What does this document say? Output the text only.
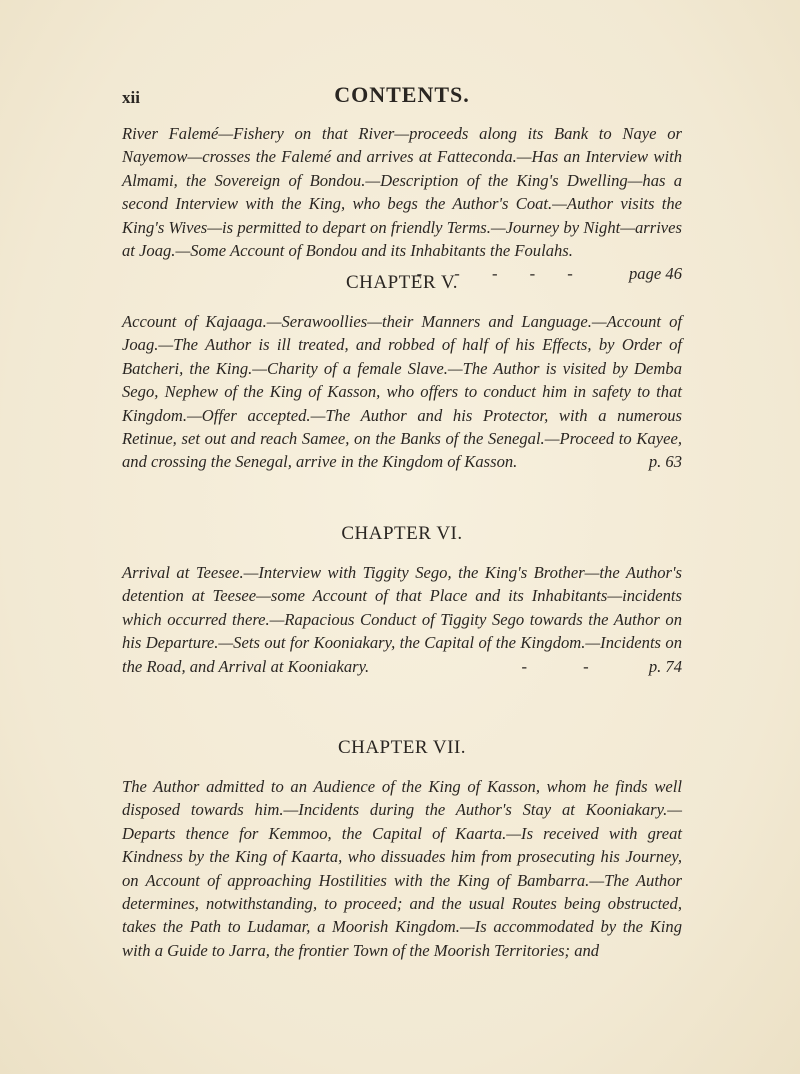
xii	CONTENTS.

River Falemé—Fishery on that River—proceeds along its Bank to Naye or Nayemow—crosses the Falemé and arrives at Fatteconda.—Has an Interview with Almami, the Sovereign of Bondou.—Description of the King's Dwelling—has a second Interview with the King, who begs the Author's Coat.—Author visits the King's Wives—is permitted to depart on friendly Terms.—Journey by Night—arrives at Joag.—Some Account of Bondou and its Inhabitants the Foulahs.
- - - - -	page 46

CHAPTER V.

Account of Kajaaga.—Serawoollies—their Manners and Language.—Account of Joag.—The Author is ill treated, and robbed of half of his Effects, by Order of Batcheri, the King.—Charity of a female Slave.—The Author is visited by Demba Sego, Nephew of the King of Kasson, who offers to conduct him in safety to that Kingdom.—Offer accepted.—The Author and his Protector, with a numerous Retinue, set out and reach Samee, on the Banks of the Senegal.—Proceed to Kayee, and crossing the Senegal, arrive in the Kingdom of Kasson.	p. 63

CHAPTER VI.

Arrival at Teesee.—Interview with Tiggity Sego, the King's Brother—the Author's detention at Teesee—some Account of that Place and its Inhabitants—incidents which occurred there.—Rapacious Conduct of Tiggity Sego towards the Author on his Departure.—Sets out for Kooniakary, the Capital of the Kingdom.—Incidents on the Road, and Arrival at Kooniakary.	- - p. 74

CHAPTER VII.

The Author admitted to an Audience of the King of Kasson, whom he finds well disposed towards him.—Incidents during the Author's Stay at Kooniakary.—Departs thence for Kemmoo, the Capital of Kaarta.—Is received with great Kindness by the King of Kaarta, who dissuades him from prosecuting his Journey, on Account of approaching Hostilities with the King of Bambarra.—The Author determines, notwithstanding, to proceed; and the usual Routes being obstructed, takes the Path to Ludamar, a Moorish Kingdom.—Is accommodated by the King with a Guide to Jarra, the frontier Town of the Moorish Territories; and
